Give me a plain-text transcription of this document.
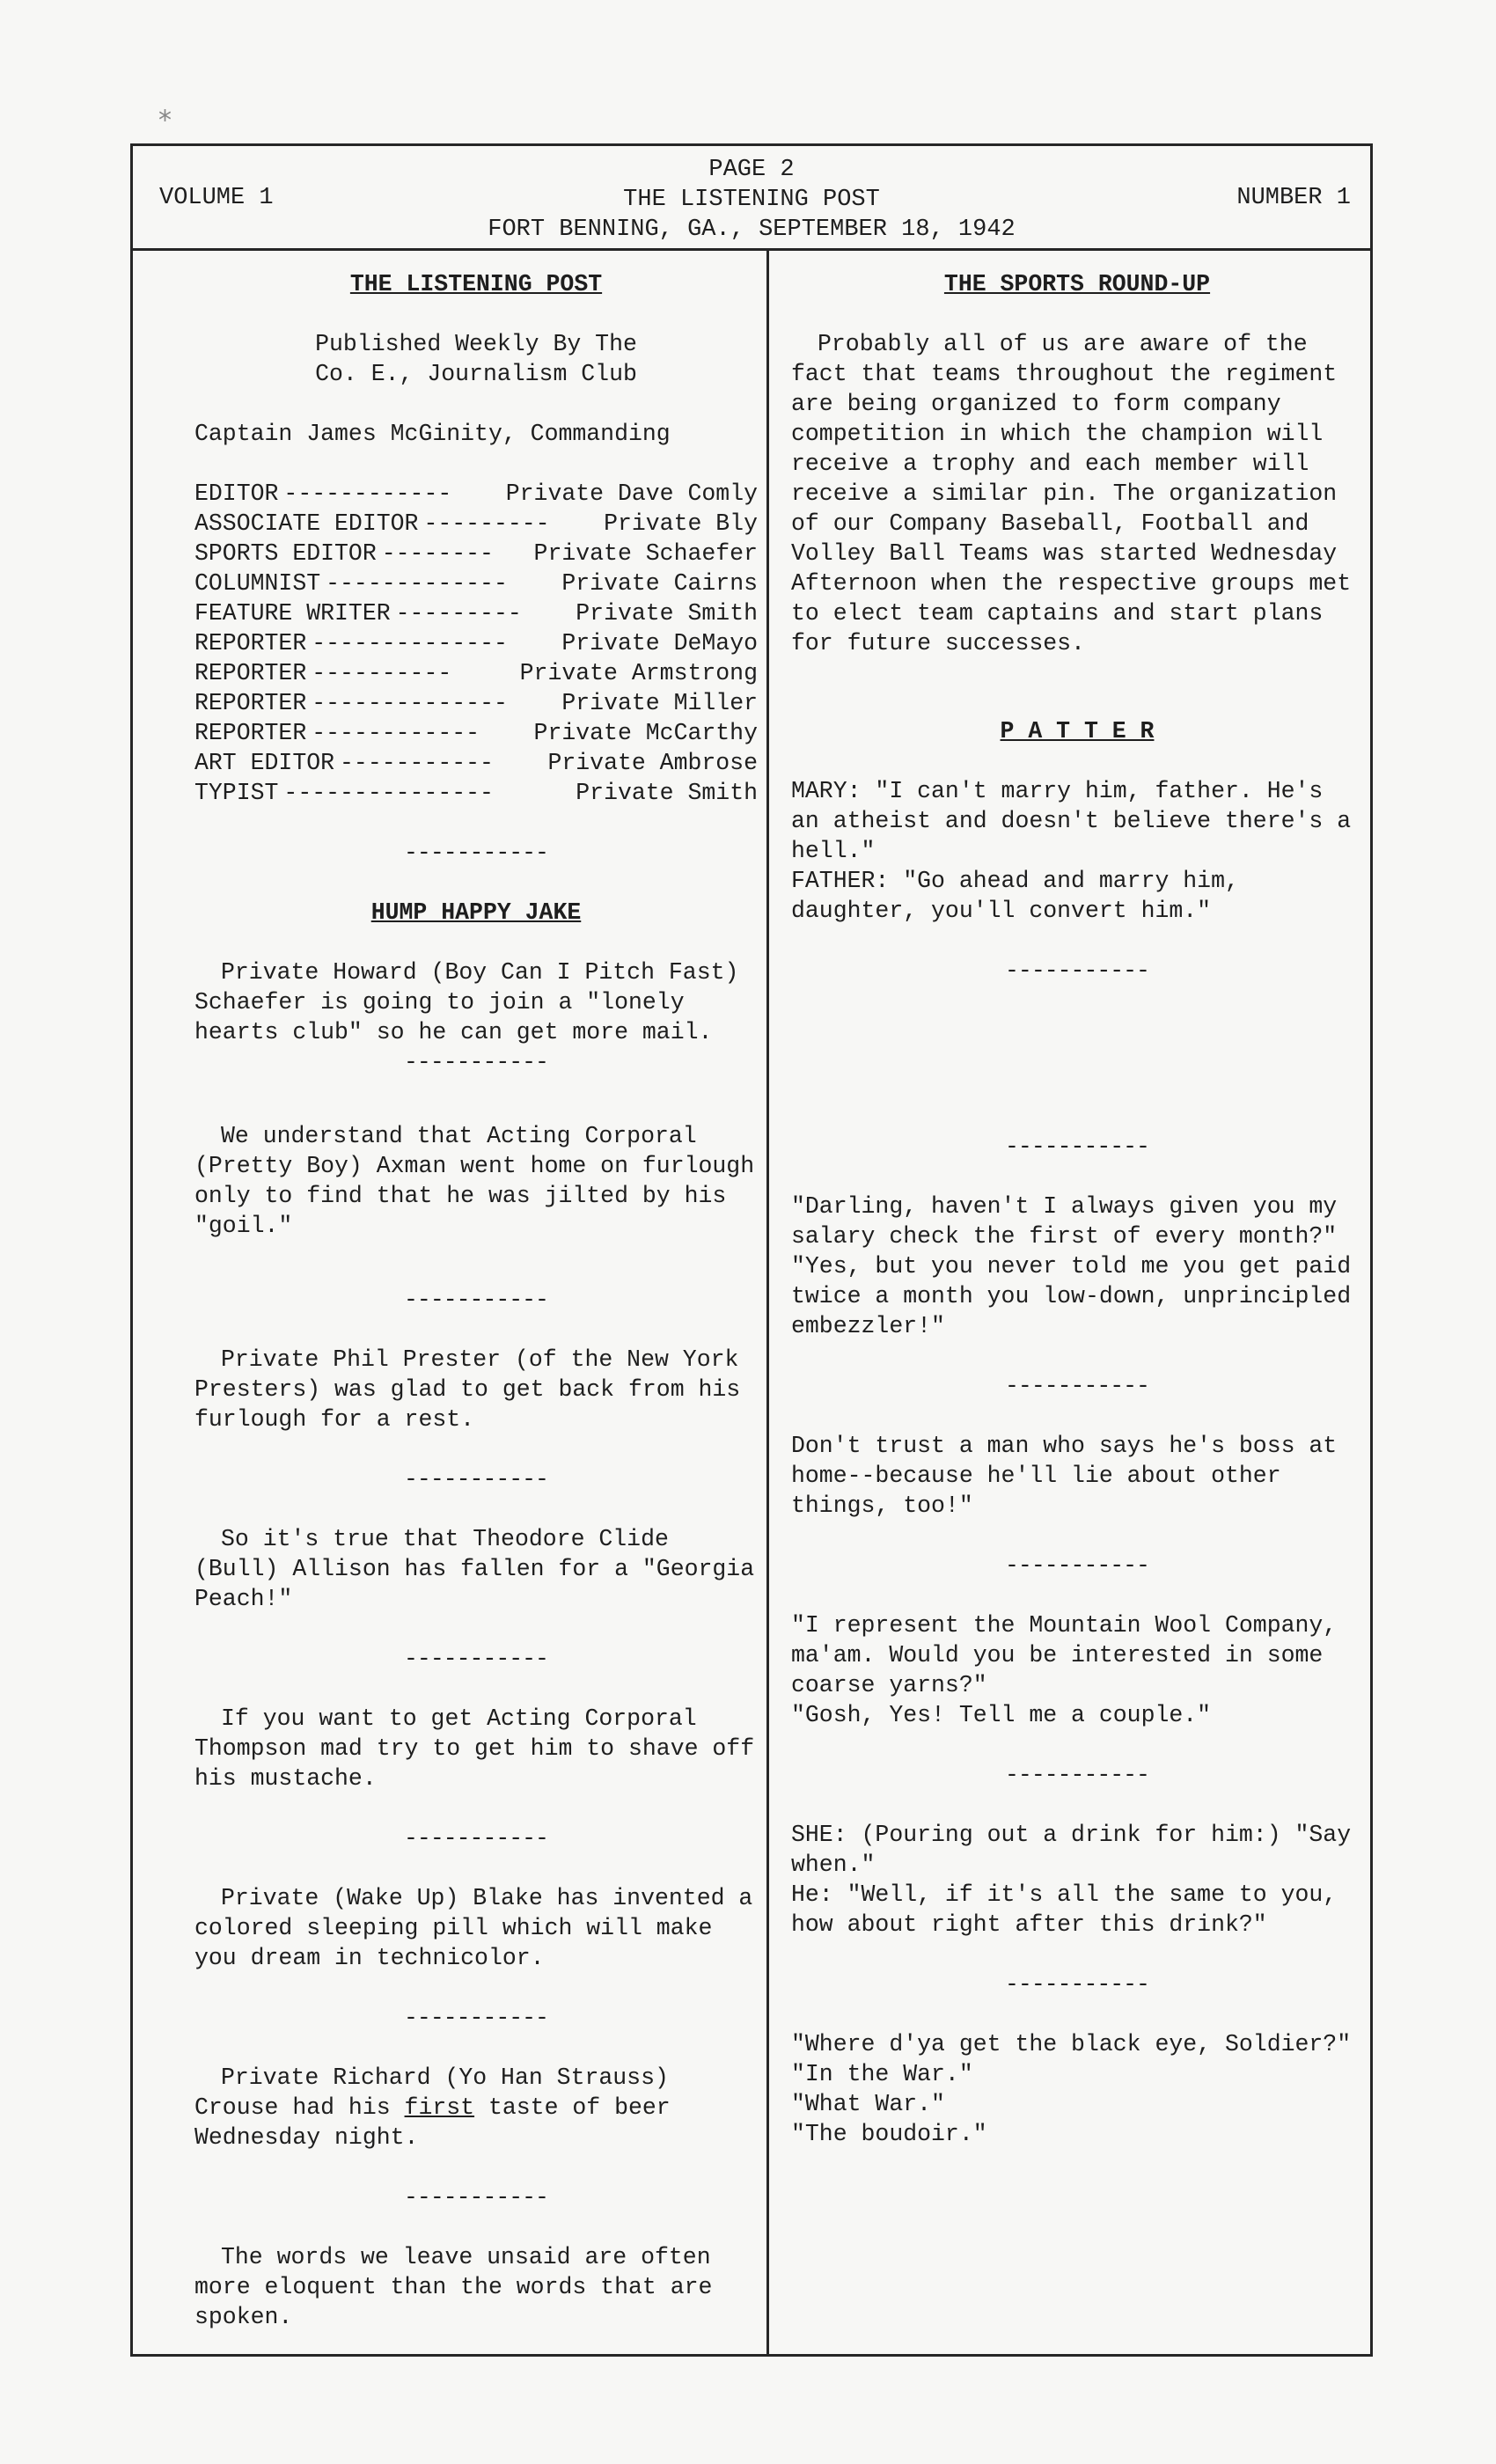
⁎
VOLUME 1
PAGE 2
THE LISTENING POST
FORT BENNING, GA., SEPTEMBER 18, 1942
NUMBER 1

THE LISTENING POST

Published Weekly By The

Co. E., Journalism Club

Captain James McGinity, Commanding

EDITOR ------------	Private Dave Comly
ASSOCIATE EDITOR ---------	Private Bly
SPORTS EDITOR --------	Private Schaefer
COLUMNIST -------------	Private Cairns
FEATURE WRITER ---------	Private Smith
REPORTER --------------	Private DeMayo
REPORTER ----------	Private Armstrong
REPORTER --------------	Private Miller
REPORTER ------------	Private McCarthy
ART EDITOR -----------	Private Ambrose
TYPIST ---------------	Private Smith

-----------

HUMP HAPPY JAKE

Private Howard (Boy Can I Pitch Fast) Schaefer is going to join a "lonely hearts club" so he can get more mail.

-----------

We understand that Acting Corporal (Pretty Boy) Axman went home on furlough only to find that he was jilted by his "goil."

-----------

Private Phil Prester (of the New York Presters) was glad to get back from his furlough for a rest.

-----------

So it's true that Theodore Clide (Bull) Allison has fallen for a "Georgia Peach!"

-----------

If you want to get Acting Corporal Thompson mad try to get him to shave off his mustache.

-----------

Private (Wake Up) Blake has invented a colored sleeping pill which will make you dream in technicolor.

-----------

Private Richard (Yo Han Strauss) Crouse had his first taste of beer Wednesday night.

-----------

The words we leave unsaid are often more eloquent than the words that are spoken.

THE SPORTS ROUND-UP

Probably all of us are aware of the fact that teams throughout the regiment are being organized to form company competition in which the champion will receive a trophy and each member will receive a similar pin. The organization of our Company Baseball, Football and Volley Ball Teams was started Wednesday Afternoon when the respective groups met to elect team captains and start plans for future successes.

P A T T E R

MARY: "I can't marry him, father. He's an atheist and doesn't believe there's a hell."

FATHER: "Go ahead and marry him, daughter, you'll convert him."

-----------

-----------

"Darling, haven't I always given you my salary check the first of every month?"

"Yes, but you never told me you get paid twice a month you low-down, unprincipled embezzler!"

-----------

Don't trust a man who says he's boss at home--because he'll lie about other things, too!"

-----------

"I represent the Mountain Wool Company, ma'am. Would you be interested in some coarse yarns?"

"Gosh, Yes! Tell me a couple."

-----------

SHE: (Pouring out a drink for him:) "Say when."

He: "Well, if it's all the same to you, how about right after this drink?"

-----------

"Where d'ya get the black eye, Soldier?"

"In the War."

"What War."

"The boudoir."
